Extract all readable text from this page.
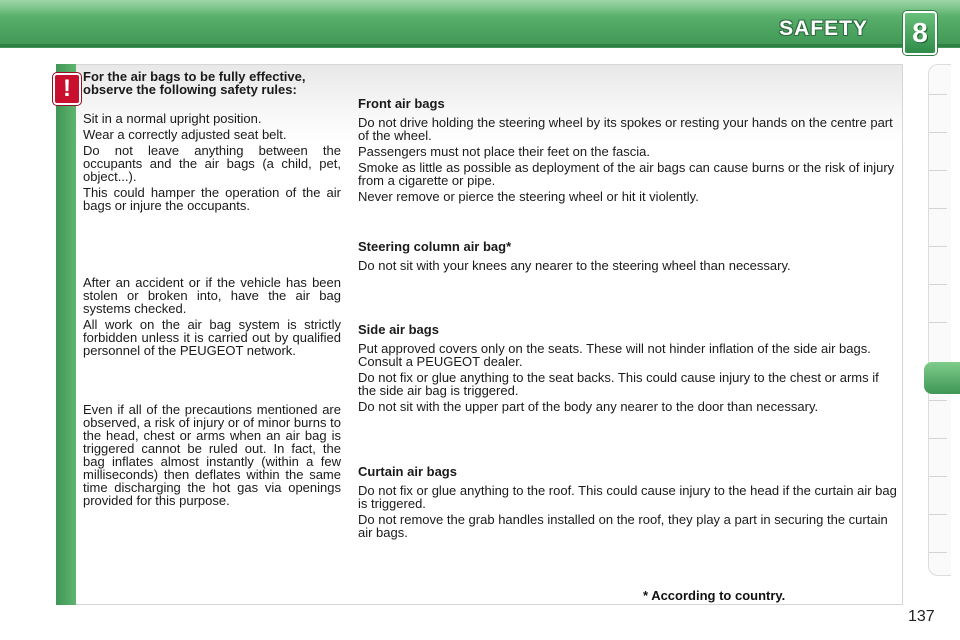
SAFETY	8
! For the air bags to be fully effective, observe the following safety rules:

Sit in a normal upright position.

Wear a correctly adjusted seat belt.

Do not leave anything between the occupants and the air bags (a child, pet, object...).

This could hamper the operation of the air bags or injure the occupants.

After an accident or if the vehicle has been stolen or broken into, have the air bag systems checked.

All work on the air bag system is strictly forbidden unless it is carried out by qualified personnel of the PEUGEOT network.

Even if all of the precautions mentioned are observed, a risk of injury or of minor burns to the head, chest or arms when an air bag is triggered cannot be ruled out. In fact, the bag inflates almost instantly (within a few milliseconds) then deflates within the same time discharging the hot gas via openings provided for this purpose.

Front air bags

Do not drive holding the steering wheel by its spokes or resting your hands on the centre part of the wheel.

Passengers must not place their feet on the fascia.

Smoke as little as possible as deployment of the air bags can cause burns or the risk of injury from a cigarette or pipe.

Never remove or pierce the steering wheel or hit it violently.

Steering column air bag*

Do not sit with your knees any nearer to the steering wheel than necessary.

Side air bags

Put approved covers only on the seats. These will not hinder inflation of the side air bags. Consult a PEUGEOT dealer.

Do not fix or glue anything to the seat backs. This could cause injury to the chest or arms if the side air bag is triggered.

Do not sit with the upper part of the body any nearer to the door than necessary.

Curtain air bags

Do not fix or glue anything to the roof. This could cause injury to the head if the curtain air bag is triggered.

Do not remove the grab handles installed on the roof, they play a part in securing the curtain air bags.

* According to country.
137
